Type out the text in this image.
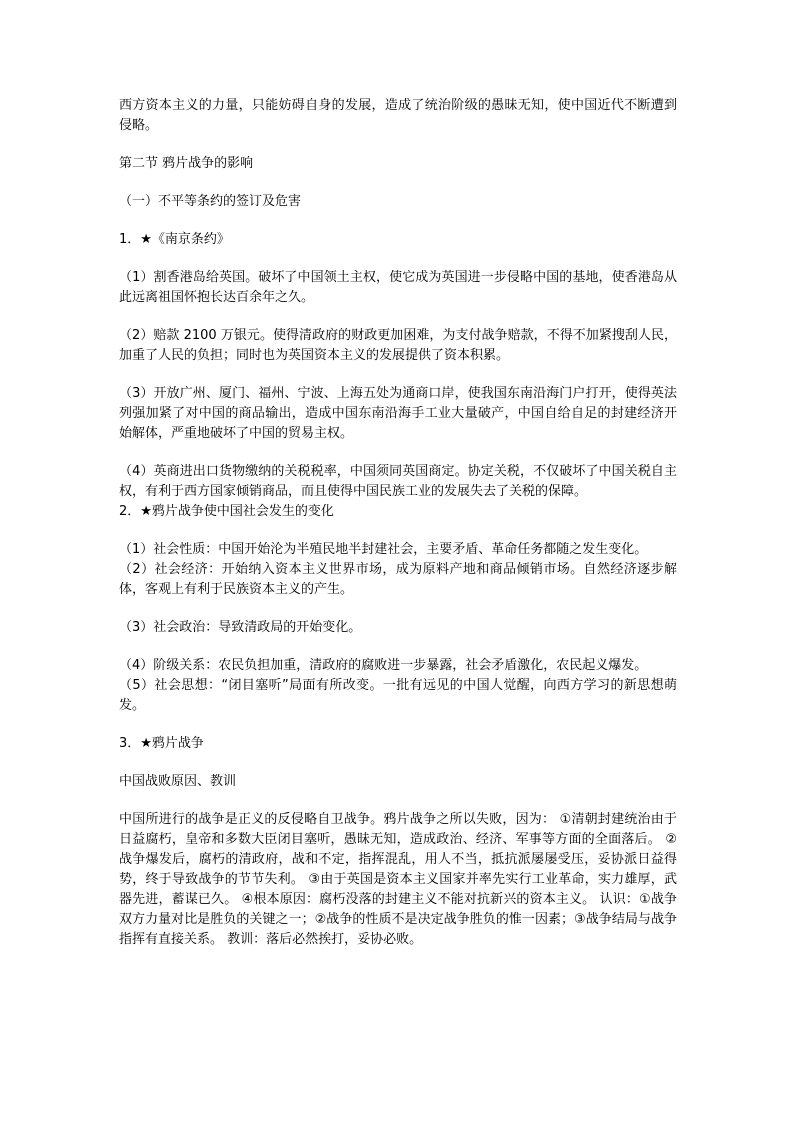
西方资本主义的力量，只能妨碍自身的发展，造成了统治阶级的愚昧无知，使中国近代不断遭到侵略。

第二节 鸦片战争的影响

（一）不平等条约的签订及危害

1．★《南京条约》

（1）割香港岛给英国。破坏了中国领土主权，使它成为英国进一步侵略中国的基地，使香港岛从此远离祖国怀抱长达百余年之久。

（2）赔款 2100 万银元。使得清政府的财政更加困难，为支付战争赔款，不得不加紧搜刮人民，加重了人民的负担；同时也为英国资本主义的发展提供了资本积累。

（3）开放广州、厦门、福州、宁波、上海五处为通商口岸，使我国东南沿海门户打开，使得英法列强加紧了对中国的商品输出，造成中国东南沿海手工业大量破产，中国自给自足的封建经济开始解体，严重地破坏了中国的贸易主权。

（4）英商进出口货物缴纳的关税税率，中国须同英国商定。协定关税，不仅破坏了中国关税自主权，有利于西方国家倾销商品，而且使得中国民族工业的发展失去了关税的保障。

2．★鸦片战争使中国社会发生的变化

（1）社会性质：中国开始沦为半殖民地半封建社会，主要矛盾、革命任务都随之发生变化。

（2）社会经济：开始纳入资本主义世界市场，成为原料产地和商品倾销市场。自然经济逐步解体，客观上有利于民族资本主义的产生。

（3）社会政治：导致清政局的开始变化。

（4）阶级关系：农民负担加重，清政府的腐败进一步暴露，社会矛盾激化，农民起义爆发。

（5）社会思想：“闭目塞听”局面有所改变。一批有远见的中国人觉醒，向西方学习的新思想萌发。

3．★鸦片战争

中国战败原因、教训

中国所进行的战争是正义的反侵略自卫战争。鸦片战争之所以失败，因为： ①清朝封建统治由于日益腐朽，皇帝和多数大臣闭目塞听，愚昧无知，造成政治、经济、军事等方面的全面落后。 ②战争爆发后，腐朽的清政府，战和不定，指挥混乱，用人不当，抵抗派屡屡受压，妥协派日益得势，终于导致战争的节节失利。 ③由于英国是资本主义国家并率先实行工业革命，实力雄厚，武器先进，蓄谋已久。 ④根本原因：腐朽没落的封建主义不能对抗新兴的资本主义。 认识：①战争双方力量对比是胜负的关键之一；②战争的性质不是决定战争胜负的惟一因素；③战争结局与战争指挥有直接关系。 教训：落后必然挨打，妥协必败。
